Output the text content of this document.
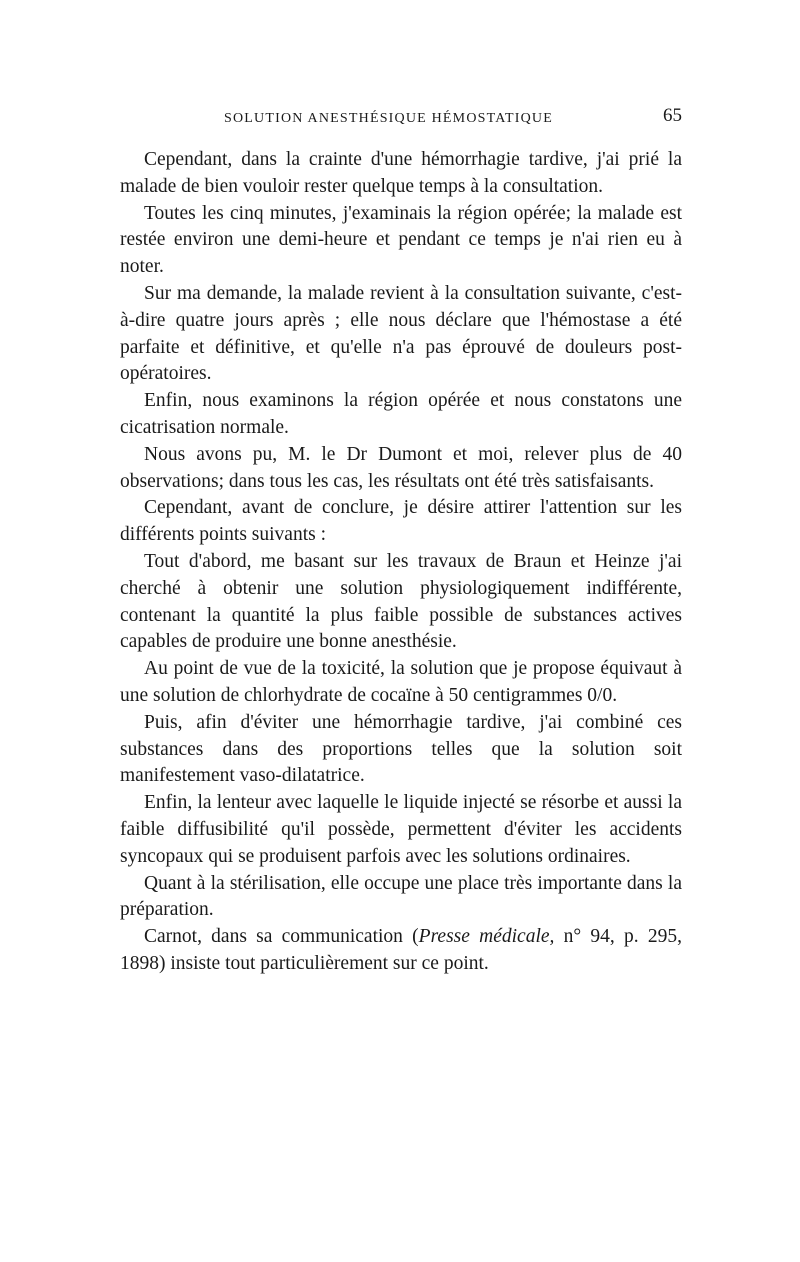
SOLUTION ANESTHÉSIQUE HÉMOSTATIQUE	65

Cependant, dans la crainte d'une hémorrhagie tardive, j'ai prié la malade de bien vouloir rester quelque temps à la consultation.

Toutes les cinq minutes, j'examinais la région opérée; la malade est restée environ une demi-heure et pendant ce temps je n'ai rien eu à noter.

Sur ma demande, la malade revient à la consultation suivante, c'est-à-dire quatre jours après ; elle nous déclare que l'hémostase a été parfaite et définitive, et qu'elle n'a pas éprouvé de douleurs post-opératoires.

Enfin, nous examinons la région opérée et nous constatons une cicatrisation normale.

Nous avons pu, M. le Dr Dumont et moi, relever plus de 40 observations; dans tous les cas, les résultats ont été très satisfaisants.

Cependant, avant de conclure, je désire attirer l'attention sur les différents points suivants :

Tout d'abord, me basant sur les travaux de Braun et Heinze j'ai cherché à obtenir une solution physiologiquement indifférente, contenant la quantité la plus faible possible de substances actives capables de produire une bonne anesthésie.

Au point de vue de la toxicité, la solution que je propose équivaut à une solution de chlorhydrate de cocaïne à 50 centigrammes 0/0.

Puis, afin d'éviter une hémorrhagie tardive, j'ai combiné ces substances dans des proportions telles que la solution soit manifestement vaso-dilatatrice.

Enfin, la lenteur avec laquelle le liquide injecté se résorbe et aussi la faible diffusibilité qu'il possède, permettent d'éviter les accidents syncopaux qui se produisent parfois avec les solutions ordinaires.

Quant à la stérilisation, elle occupe une place très importante dans la préparation.

Carnot, dans sa communication (Presse médicale, n° 94, p. 295, 1898) insiste tout particulièrement sur ce point.
